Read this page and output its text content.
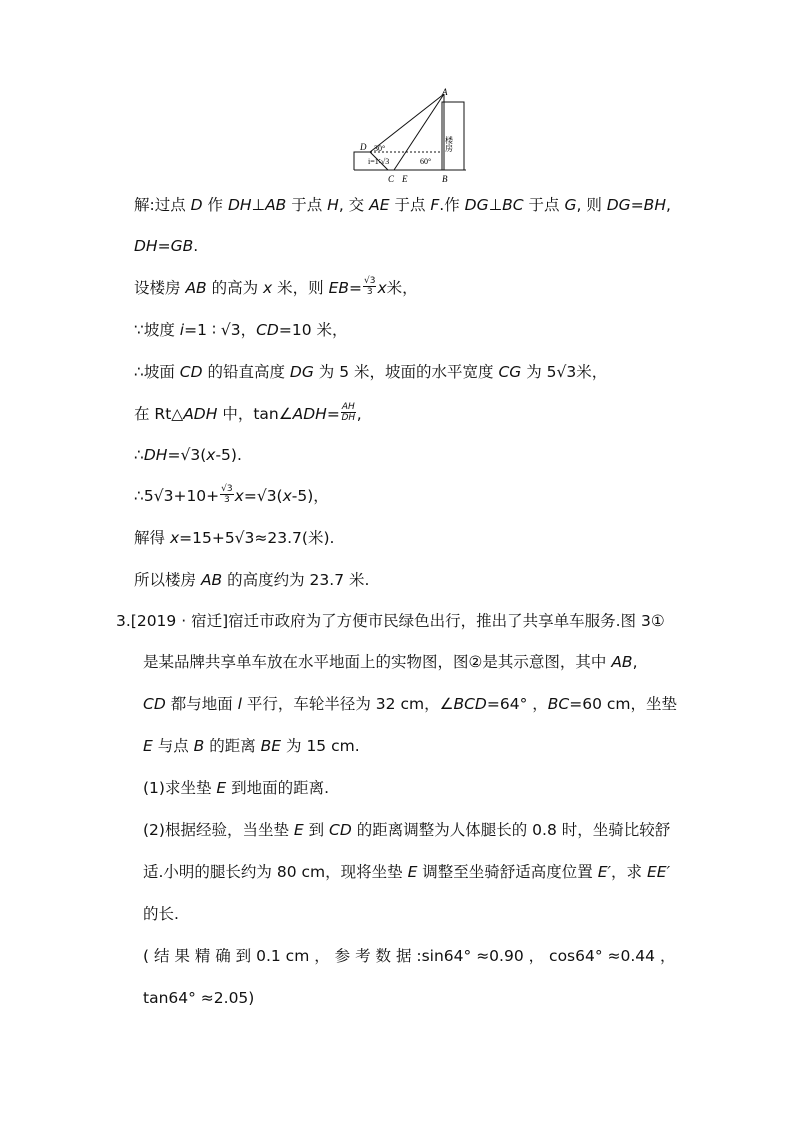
A
D 30°
i=1∶√3	60°
C E	B
楼房
解:过点 D 作 DH⊥AB 于点 H, 交 AE 于点 F.作 DG⊥BC 于点 G, 则 DG=BH,
DH=GB.
设楼房 AB 的高为 x 米，则 $EB= \frac{√3}{3}$ x米，
∵坡度 i=1 ∶ √3，CD=10 米，
∴坡面 CD 的铅直高度 DG 为 5 米，坡面的水平宽度 CG 为 5√3米，
在 Rt△ADH 中，tan∠ADH= $\frac{AH}{DH}$ ,
∴DH=√3(x-5).
∴5√3+10+ $\frac{√3}{3} x=√3(x-5)$，
解得 x=15+5√3≈23.7(米).
所以楼房 AB 的高度约为 23.7 米.
3.[2019 · 宿迁]宿迁市政府为了方便市民绿色出行，推出了共享单车服务.图 3①
是某品牌共享单车放在水平地面上的实物图，图②是其示意图，其中 AB,
CD 都与地面 l 平行，车轮半径为 32 cm，∠BCD=64° ，BC=60 cm，坐垫
E 与点 B 的距离 BE 为 15 cm.
(1)求坐垫 E 到地面的距离.
(2)根据经验，当坐垫 E 到 CD 的距离调整为人体腿长的 0.8 时，坐骑比较舒
适.小明的腿长约为 80 cm，现将坐垫 E 调整至坐骑舒适高度位置 E′，求 EE′
的长.
( 结 果 精 确 到 0.1 cm ， 参 考 数 据 :sin64° ≈0.90 ， cos64° ≈0.44 ，
tan64° ≈2.05)
